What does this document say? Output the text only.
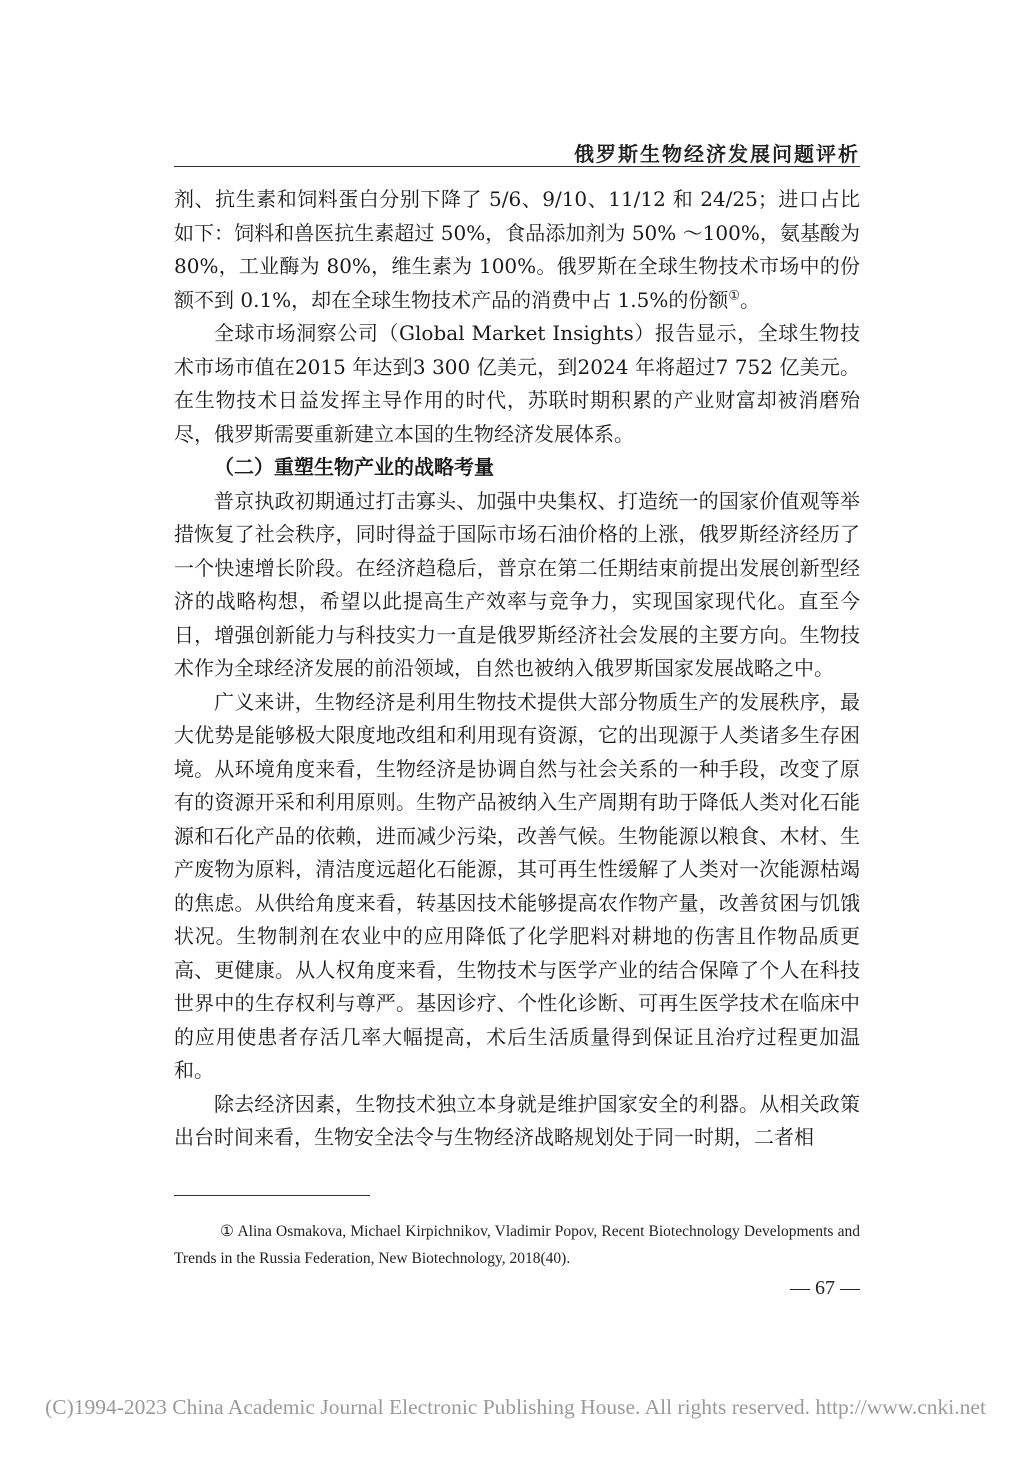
俄罗斯生物经济发展问题评析

剂、抗生素和饲料蛋白分别下降了 5/6、9/10、11/12 和 24/25；进口占比如下：饲料和兽医抗生素超过 50%，食品添加剂为 50% ～100%，氨基酸为 80%，工业酶为 80%，维生素为 100%。俄罗斯在全球生物技术市场中的份额不到 0.1%，却在全球生物技术产品的消费中占 1.5%的份额①。

全球市场洞察公司（Global Market Insights）报告显示，全球生物技术市场市值在2015 年达到3 300 亿美元，到2024 年将超过7 752 亿美元。在生物技术日益发挥主导作用的时代，苏联时期积累的产业财富却被消磨殆尽，俄罗斯需要重新建立本国的生物经济发展体系。

（二）重塑生物产业的战略考量

普京执政初期通过打击寡头、加强中央集权、打造统一的国家价值观等举措恢复了社会秩序，同时得益于国际市场石油价格的上涨，俄罗斯经济经历了一个快速增长阶段。在经济趋稳后，普京在第二任期结束前提出发展创新型经济的战略构想，希望以此提高生产效率与竞争力，实现国家现代化。直至今日，增强创新能力与科技实力一直是俄罗斯经济社会发展的主要方向。生物技术作为全球经济发展的前沿领域，自然也被纳入俄罗斯国家发展战略之中。

广义来讲，生物经济是利用生物技术提供大部分物质生产的发展秩序，最大优势是能够极大限度地改组和利用现有资源，它的出现源于人类诸多生存困境。从环境角度来看，生物经济是协调自然与社会关系的一种手段，改变了原有的资源开采和利用原则。生物产品被纳入生产周期有助于降低人类对化石能源和石化产品的依赖，进而减少污染，改善气候。生物能源以粮食、木材、生产废物为原料，清洁度远超化石能源，其可再生性缓解了人类对一次能源枯竭的焦虑。从供给角度来看，转基因技术能够提高农作物产量，改善贫困与饥饿状况。生物制剂在农业中的应用降低了化学肥料对耕地的伤害且作物品质更高、更健康。从人权角度来看，生物技术与医学产业的结合保障了个人在科技世界中的生存权利与尊严。基因诊疗、个性化诊断、可再生医学技术在临床中的应用使患者存活几率大幅提高，术后生活质量得到保证且治疗过程更加温和。

除去经济因素，生物技术独立本身就是维护国家安全的利器。从相关政策出台时间来看，生物安全法令与生物经济战略规划处于同一时期，二者相

① Alina Osmakova, Michael Kirpichnikov, Vladimir Popov, Recent Biotechnology Developments and Trends in the Russia Federation, New Biotechnology, 2018(40).
— 67 —
(C)1994-2023 China Academic Journal Electronic Publishing House. All rights reserved. http://www.cnki.net
